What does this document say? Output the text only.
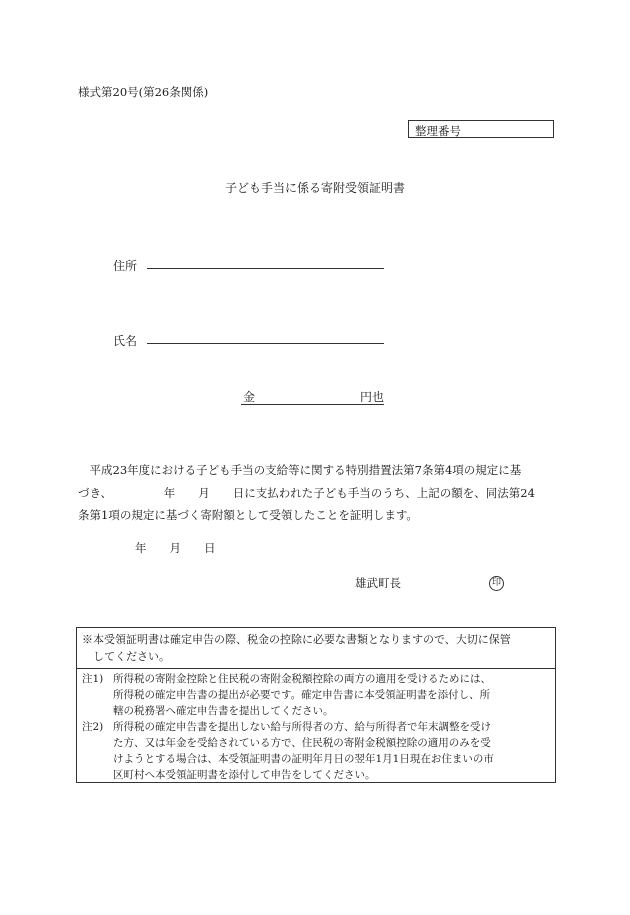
様式第20号(第26条関係)
整理番号
子ども手当に係る寄附受領証明書
住所
氏名
金	円也
　平成23年度における子ども手当の支給等に関する特別措置法第7条第4項の規定に基
づき、　　　　　年　　月　　日に支払われた子ども手当のうち、上記の額を、同法第24
条第1項の規定に基づく寄附額として受領したことを証明します。
年　　月　　日
雄武町長	印
※本受領証明書は確定申告の際、税金の控除に必要な書類となりますので、大切に保管
　してください。
注1) 所得税の寄附金控除と住民税の寄附金税額控除の両方の適用を受けるためには、
所得税の確定申告書の提出が必要です。確定申告書に本受領証明書を添付し、所
轄の税務署へ確定申告書を提出してください。
注2) 所得税の確定申告書を提出しない給与所得者の方、給与所得者で年末調整を受け
た方、又は年金を受給されている方で、住民税の寄附金税額控除の適用のみを受
けようとする場合は、本受領証明書の証明年月日の翌年1月1日現在お住まいの市
区町村へ本受領証明書を添付して申告をしてください。
